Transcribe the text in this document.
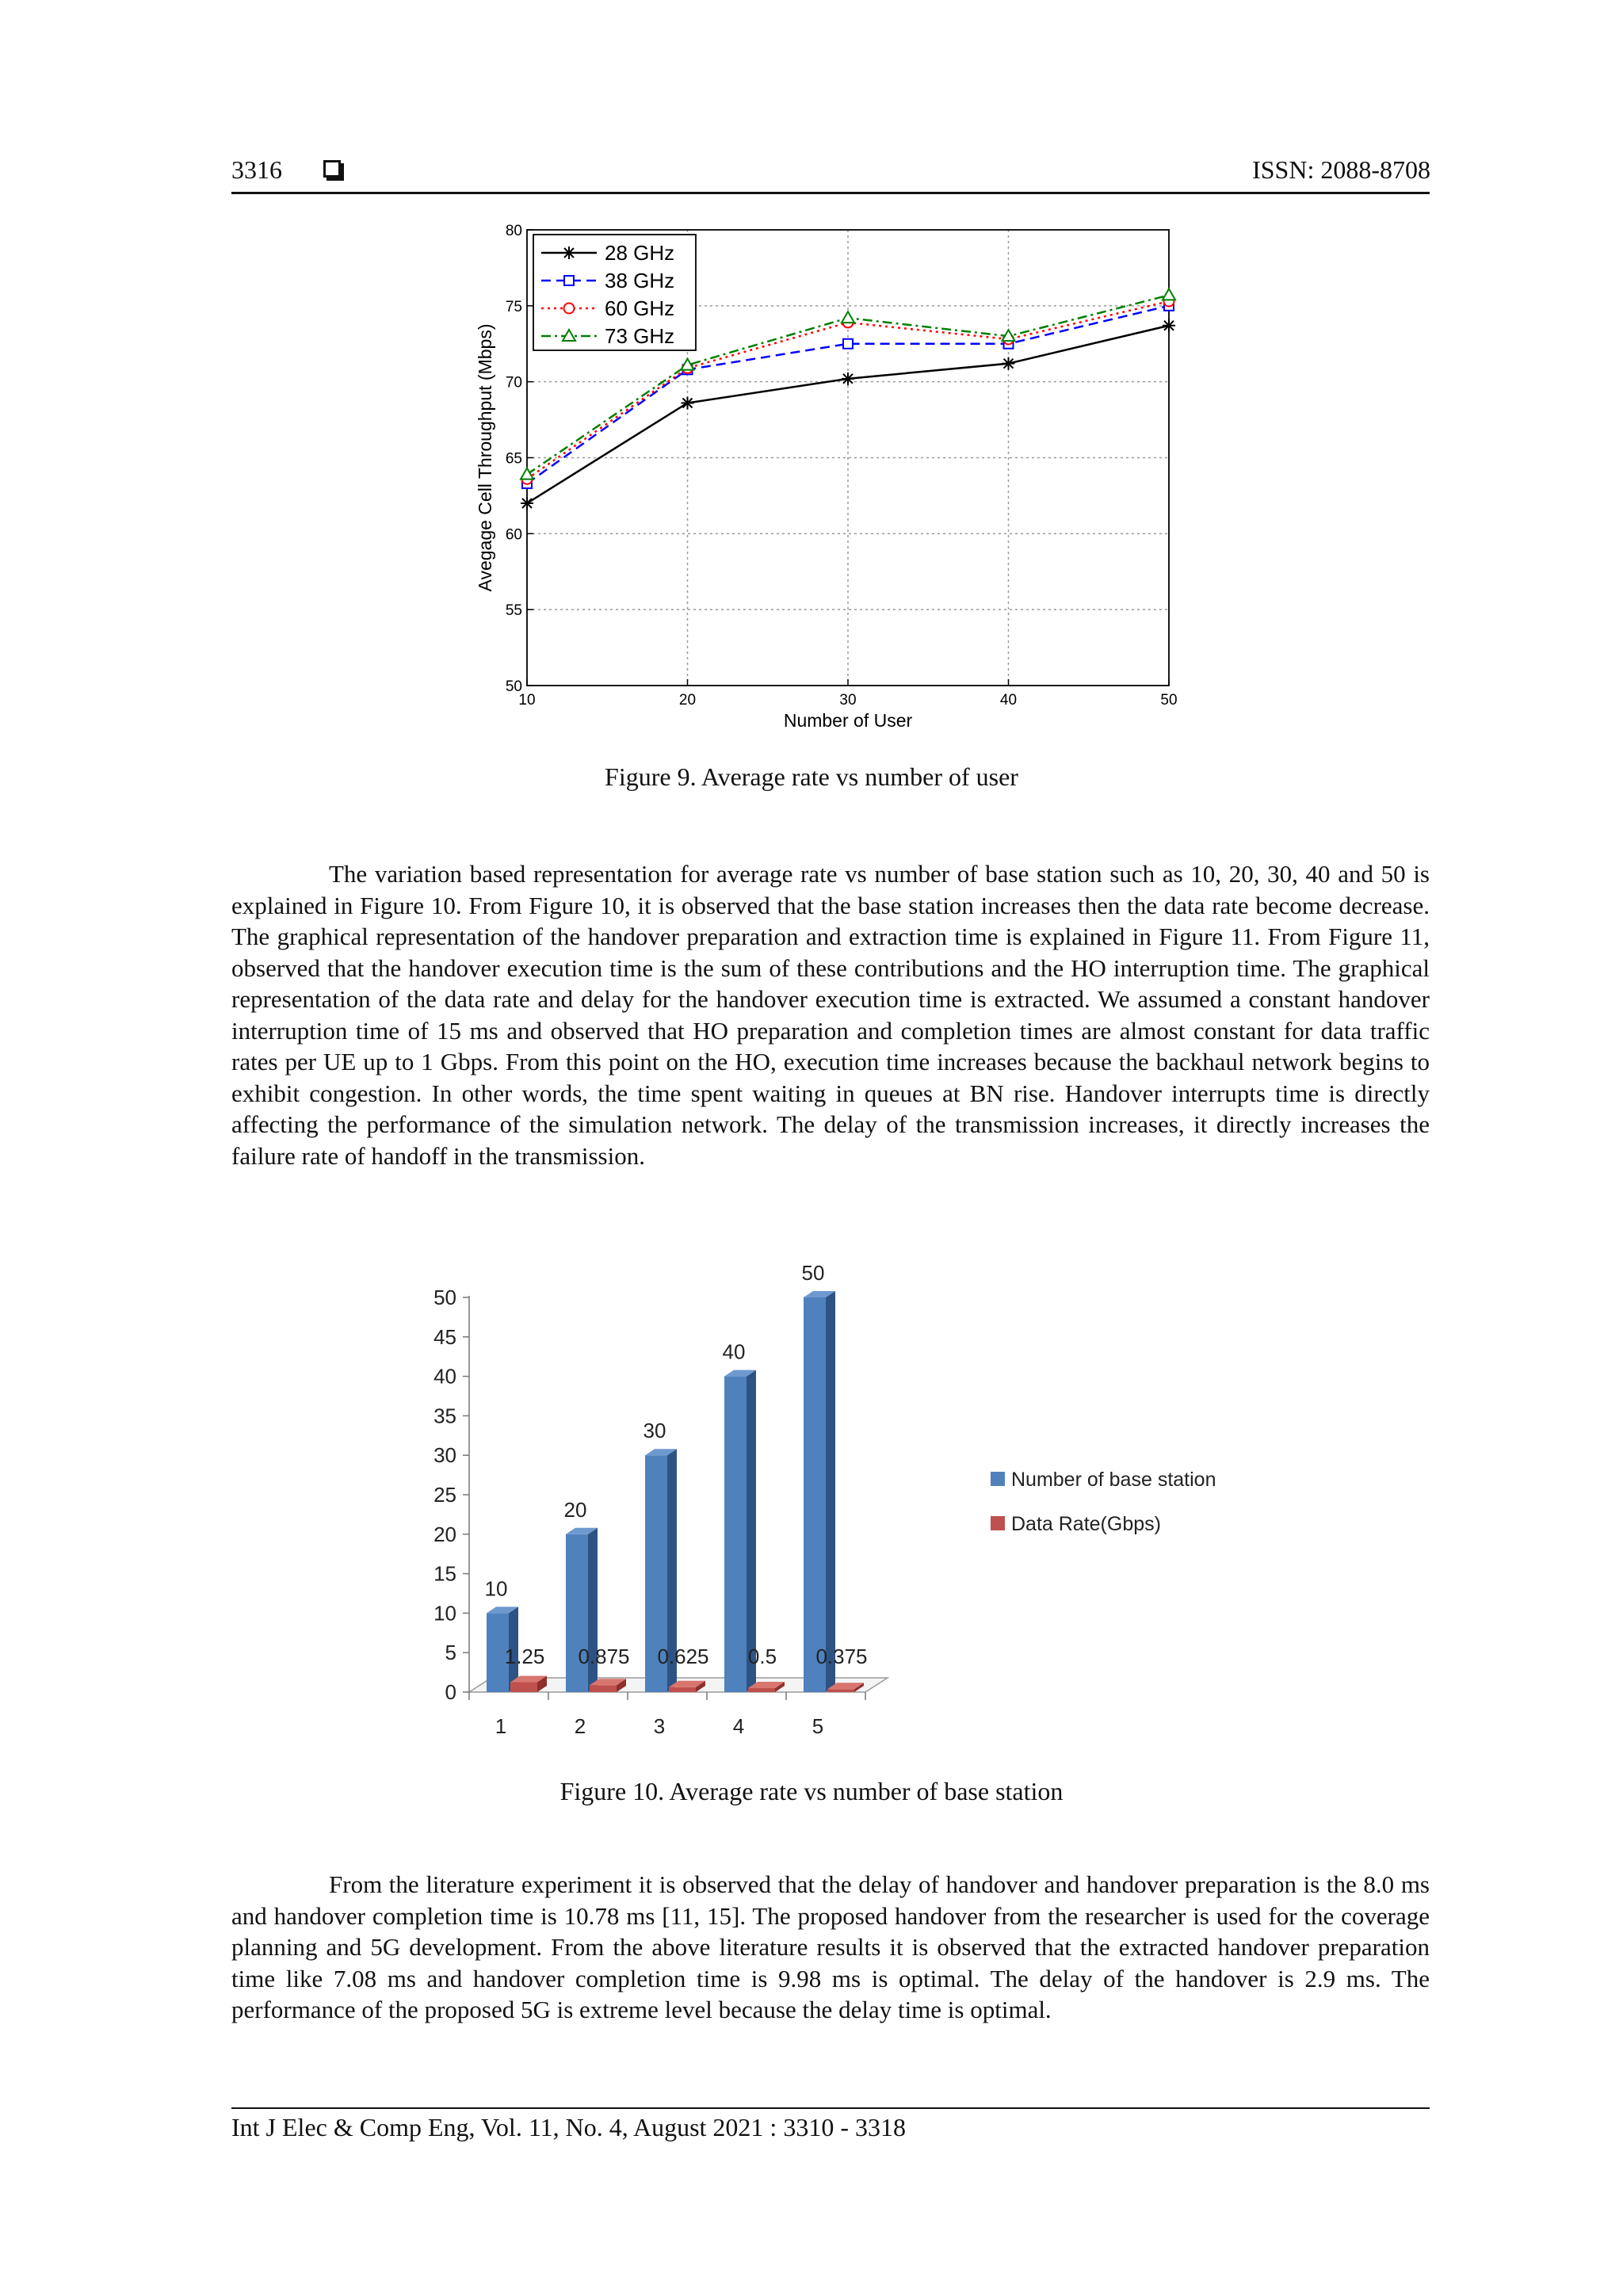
3316	ISSN: 2088-8708
50
55
60
65
70
75
80
10	20	30	40	50
Number of User
Avegage Cell Throughput (Mbps)
28 GHz
38 GHz
60 GHz
73 GHz
Figure 9. Average rate vs number of user

The variation based representation for average rate vs number of base station such as 10, 20, 30, 40 and 50 is explained in Figure 10. From Figure 10, it is observed that the base station increases then the data rate become decrease. The graphical representation of the handover preparation and extraction time is explained in Figure 11. From Figure 11, observed that the handover execution time is the sum of these contributions and the HO interruption time. The graphical representation of the data rate and delay for the handover execution time is extracted. We assumed a constant handover interruption time of 15 ms and observed that HO preparation and completion times are almost constant for data traffic rates per UE up to 1 Gbps. From this point on the HO, execution time increases because the backhaul network begins to exhibit congestion. In other words, the time spent waiting in queues at BN rise. Handover interrupts time is directly affecting the performance of the simulation network. The delay of the transmission increases, it directly increases the failure rate of handoff in the transmission.

0
5
10
15
20
25
30
35
40
45
50
10
1.25
1
20
0.875
2
30
0.625
3
40
0.5
4
50
0.375
5
Number of base station
Data Rate(Gbps)
Figure 10. Average rate vs number of base station

From the literature experiment it is observed that the delay of handover and handover preparation is the 8.0 ms and handover completion time is 10.78 ms [11, 15]. The proposed handover from the researcher is used for the coverage planning and 5G development. From the above literature results it is observed that the extracted handover preparation time like 7.08 ms and handover completion time is 9.98 ms is optimal. The delay of the handover is 2.9 ms. The performance of the proposed 5G is extreme level because the delay time is optimal.

Int J Elec & Comp Eng, Vol. 11, No. 4, August 2021 : 3310 - 3318
